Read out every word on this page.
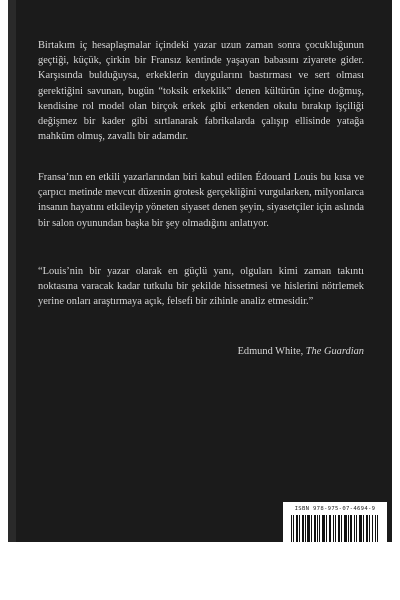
Birtakım iç hesaplaşmalar içindeki yazar uzun zaman sonra çocukluğunun geçtiği, küçük, çirkin bir Fransız kentinde yaşayan babasını ziyarete gider. Karşısında bulduğuysa, erkeklerin duygularını bastırması ve sert olması gerektiğini savunan, bugün “toksik erkeklik” denen kültürün içine doğmuş, kendisine rol model olan birçok erkek gibi erkenden okulu bırakıp işçiliği değişmez bir kader gibi sırtlanarak fabrikalarda çalışıp ellisinde yatağa mahkûm olmuş, zavallı bir adamdır.

Fransa’nın en etkili yazarlarından biri kabul edilen Édouard Louis bu kısa ve çarpıcı metinde mevcut düzenin grotesk gerçekliğini vurgularken, milyonlarca insanın hayatını etkileyip yöneten siyaset denen şeyin, siyasetçiler için aslında bir salon oyunundan başka bir şey olmadığını anlatıyor.

“Louis’nin bir yazar olarak en güçlü yanı, olguları kimi zaman takıntı noktasına varacak kadar tutkulu bir şekilde hissetmesi ve hislerini nötrlemek yerine onları araştırmaya açık, felsefi bir zihinle analiz etmesidir.”

Edmund White, The Guardian
ISBN 978-975-07-4694-9
